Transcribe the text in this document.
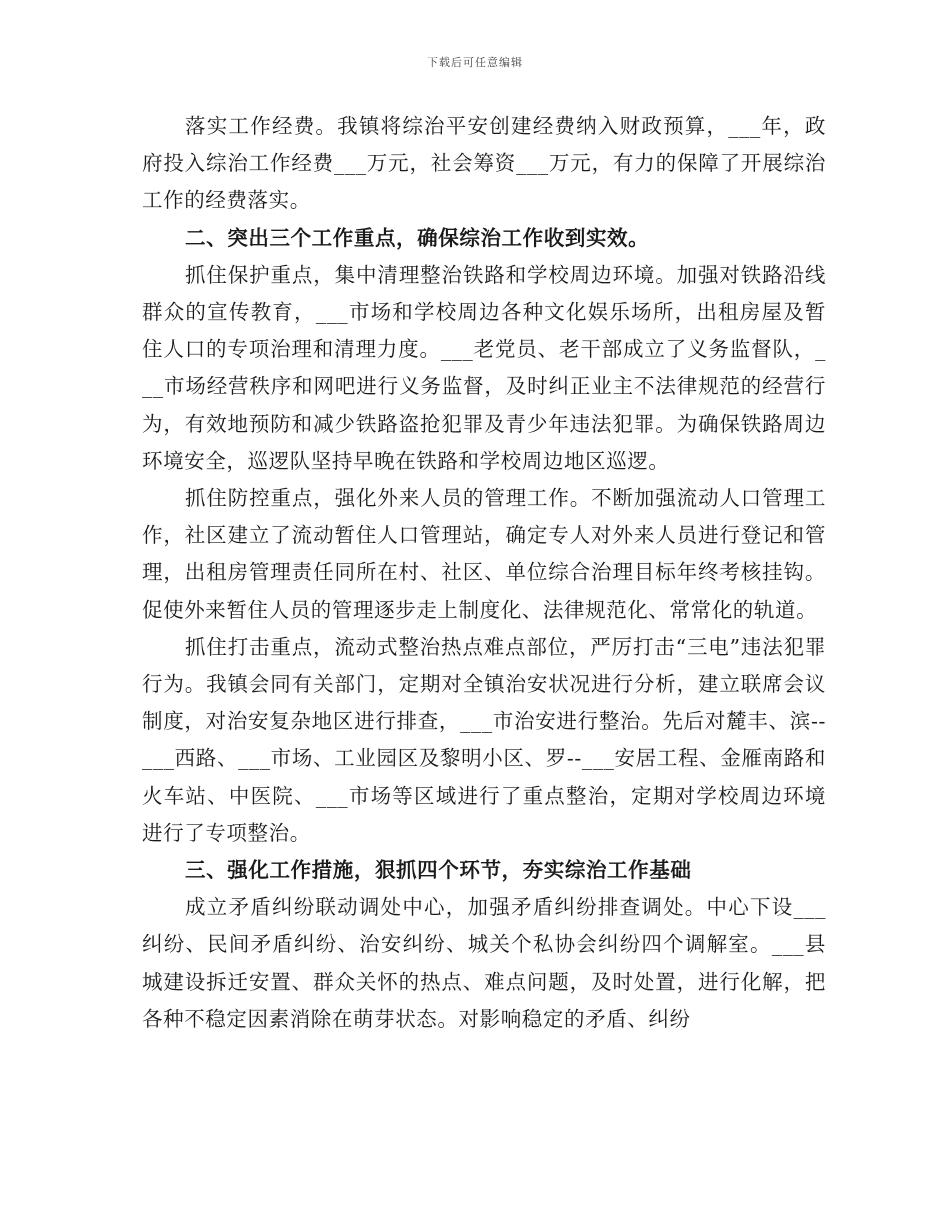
下载后可任意编辑

落实工作经费。我镇将综治平安创建经费纳入财政预算，___年，政府投入综治工作经费___万元，社会筹资___万元，有力的保障了开展综治工作的经费落实。

二、突出三个工作重点，确保综治工作收到实效。

抓住保护重点，集中清理整治铁路和学校周边环境。加强对铁路沿线群众的宣传教育，___市场和学校周边各种文化娱乐场所，出租房屋及暂住人口的专项治理和清理力度。___老党员、老干部成立了义务监督队，___市场经营秩序和网吧进行义务监督，及时纠正业主不法律规范的经营行为，有效地预防和减少铁路盗抢犯罪及青少年违法犯罪。为确保铁路周边环境安全，巡逻队坚持早晚在铁路和学校周边地区巡逻。

抓住防控重点，强化外来人员的管理工作。不断加强流动人口管理工作，社区建立了流动暂住人口管理站，确定专人对外来人员进行登记和管理，出租房管理责任同所在村、社区、单位综合治理目标年终考核挂钩。促使外来暂住人员的管理逐步走上制度化、法律规范化、常常化的轨道。

抓住打击重点，流动式整治热点难点部位，严厉打击“三电”违法犯罪行为。我镇会同有关部门，定期对全镇治安状况进行分析，建立联席会议制度，对治安复杂地区进行排查，___市治安进行整治。先后对麓丰、滨--___西路、___市场、工业园区及黎明小区、罗--___安居工程、金雁南路和火车站、中医院、___市场等区域进行了重点整治，定期对学校周边环境进行了专项整治。

三、强化工作措施，狠抓四个环节，夯实综治工作基础

成立矛盾纠纷联动调处中心，加强矛盾纠纷排查调处。中心下设___纠纷、民间矛盾纠纷、治安纠纷、城关个私协会纠纷四个调解室。___县城建设拆迁安置、群众关怀的热点、难点问题，及时处置，进行化解，把各种不稳定因素消除在萌芽状态。对影响稳定的矛盾、纠纷
